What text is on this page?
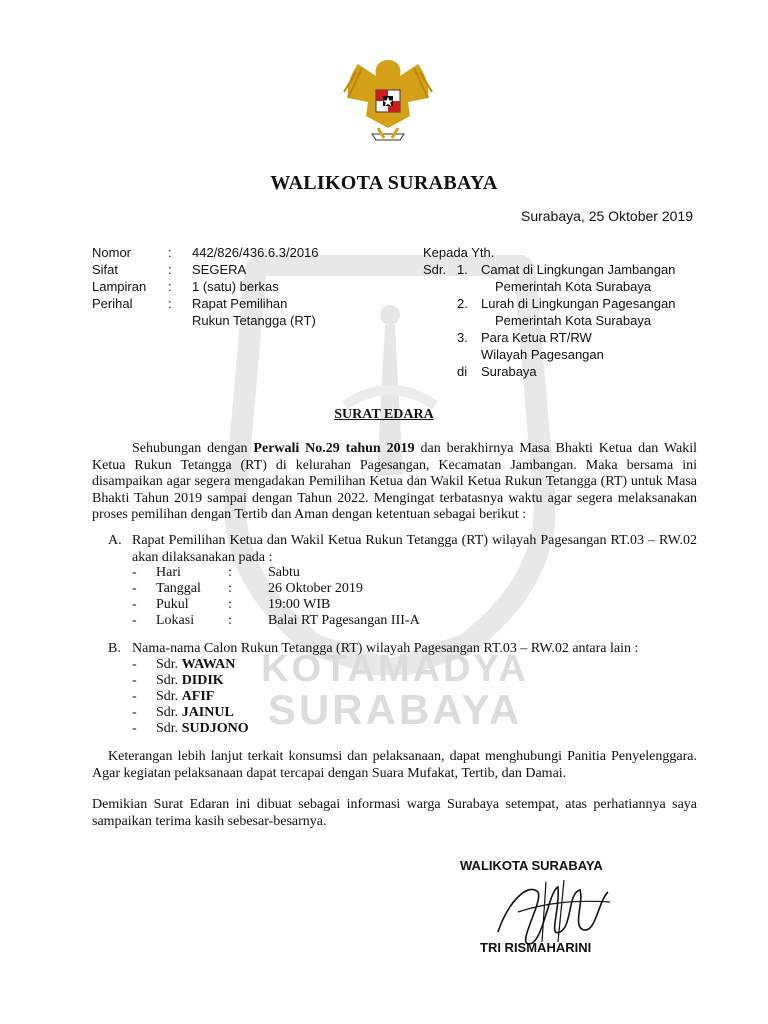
KOTAMADYA
SURABAYA
WALIKOTA SURABAYA
Surabaya, 25 Oktober 2019
Nomor	: 442/826/436.6.3/2016
Sifat	: SEGERA
Lampiran : 1 (satu) berkas
Perihal	: Rapat Pemilihan
Rukun Tetangga (RT)
Kepada Yth.
Sdr. 1. Camat di Lingkungan Jambangan
Pemerintah Kota Surabaya
2. Lurah di Lingkungan Pagesangan
Pemerintah Kota Surabaya
3. Para Ketua RT/RW
Wilayah Pagesangan
di Surabaya
SURAT EDARA
Sehubungan dengan Perwali No.29 tahun 2019 dan berakhirnya Masa Bhakti Ketua dan Wakil Ketua Rukun Tetangga (RT) di kelurahan Pagesangan, Kecamatan Jambangan. Maka bersama ini disampaikan agar segera mengadakan Pemilihan Ketua dan Wakil Ketua Rukun Tetangga (RT) untuk Masa Bhakti Tahun 2019 sampai dengan Tahun 2022. Mengingat terbatasnya waktu agar segera melaksanakan proses pemilihan dengan Tertib dan Aman dengan ketentuan sebagai berikut :
A. Rapat Pemilihan Ketua dan Wakil Ketua Rukun Tetangga (RT) wilayah Pagesangan RT.03 – RW.02 akan dilaksanakan pada :
- Hari	:	Sabtu
- Tanggal :	26 Oktober 2019
- Pukul	:	19:00 WIB
- Lokasi :	Balai RT Pagesangan III-A
B. Nama-nama Calon Rukun Tetangga (RT) wilayah Pagesangan RT.03 – RW.02 antara lain :
- Sdr. WAWAN
- Sdr. DIDIK
- Sdr. AFIF
- Sdr. JAINUL
- Sdr. SUDJONO
Keterangan lebih lanjut terkait konsumsi dan pelaksanaan, dapat menghubungi Panitia Penyelenggara. Agar kegiatan pelaksanaan dapat tercapai dengan Suara Mufakat, Tertib, dan Damai.
Demikian Surat Edaran ini dibuat sebagai informasi warga Surabaya setempat, atas perhatiannya saya sampaikan terima kasih sebesar-besarnya.
WALIKOTA SURABAYA
TRI RISMAHARINI
